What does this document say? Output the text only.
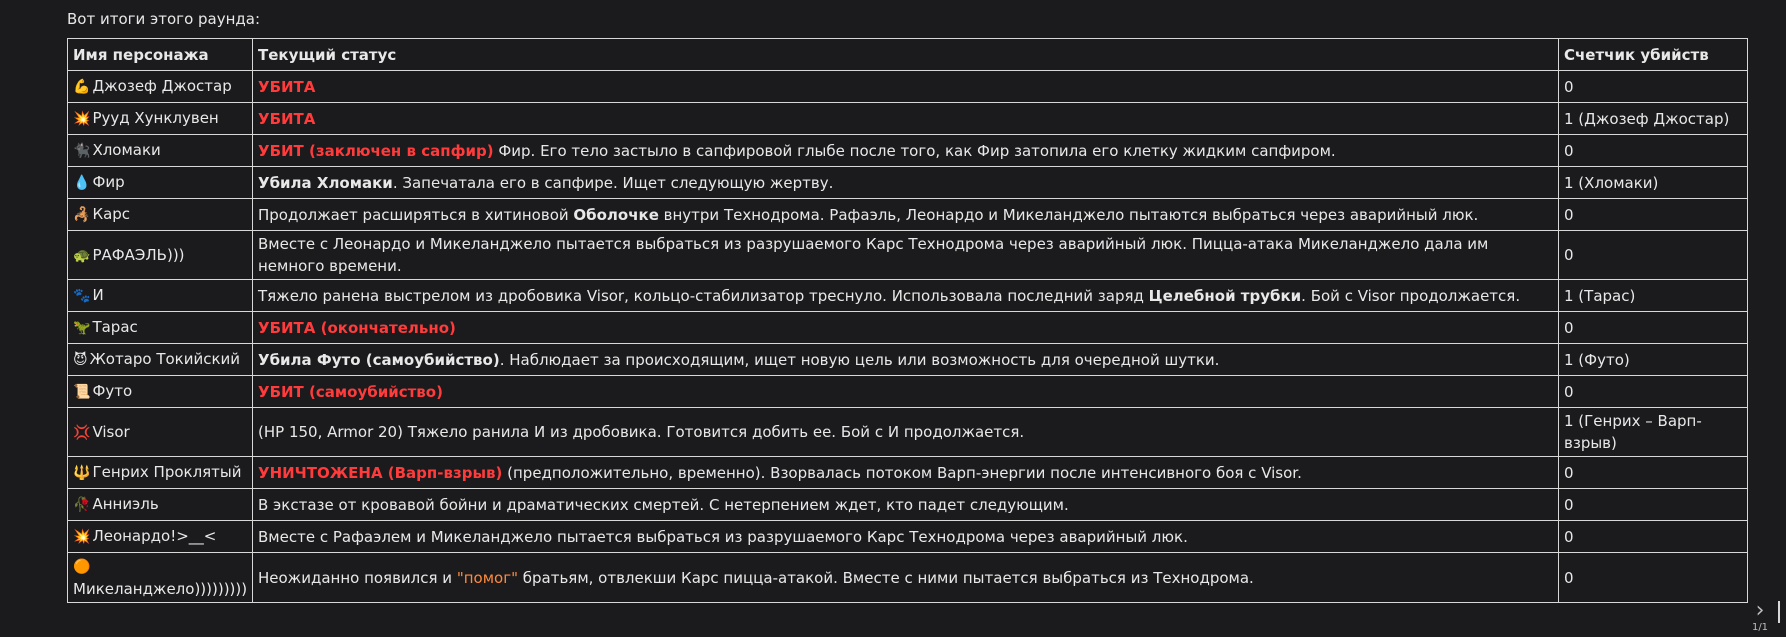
Вот итоги этого раунда:
Имя персонажа	Текущий статус	Счетчик убийств
💪 Джозеф Джостар	УБИТА	0
💥 Рууд Хунклувен	УБИТА	1 (Джозеф Джостар)
🐈‍⬛ Хломаки	УБИТ (заключен в сапфир) Фир. Его тело застыло в сапфировой глыбе после того, как Фир затопила его клетку жидким сапфиром.	0
💧 Фир	Убила Хломаки. Запечатала его в сапфире. Ищет следующую жертву.	1 (Хломаки)
🦂 Карс	Продолжает расширяться в хитиновой Оболочке внутри Технодрома. Рафаэль, Леонардо и Микеланджело пытаются выбраться через аварийный люк.	0
🐢 РАФАЭЛЬ)))	Вместе с Леонардо и Микеланджело пытается выбраться из разрушаемого Карс Технодрома через аварийный люк. Пицца-атака Микеланджело дала им немного времени.	0
🐾 И	Тяжело ранена выстрелом из дробовика Visor, кольцо-стабилизатор треснуло. Использовала последний заряд Целебной трубки. Бой с Visor продолжается.	1 (Тарас)
🦖 Тарас	УБИТА (окончательно)	0
😈 Жотаро Токийский	Убила Футо (самоубийство). Наблюдает за происходящим, ищет новую цель или возможность для очередной шутки.	1 (Футо)
📜 Футо	УБИТ (самоубийство)	0
💢 Visor	(HP 150, Armor 20) Тяжело ранила И из дробовика. Готовится добить ее. Бой с И продолжается.	1 (Генрих – Варп-взрыв)
🔱 Генрих Проклятый	УНИЧТОЖЕНА (Варп-взрыв) (предположительно, временно). Взорвалась потоком Варп-энергии после интенсивного боя с Visor.	0
🥀 Анниэль	В экстазе от кровавой бойни и драматических смертей. С нетерпением ждет, кто падет следующим.	0
💥 Леонардо!>__<	Вместе с Рафаэлем и Микеланджело пытается выбраться из разрушаемого Карс Технодрома через аварийный люк.	0
🟠Микеланджело)))))))))	Неожиданно появился и "помог" братьям, отвлекши Карс пицца-атакой. Вместе с ними пытается выбраться из Технодрома.	0
›
1/1
